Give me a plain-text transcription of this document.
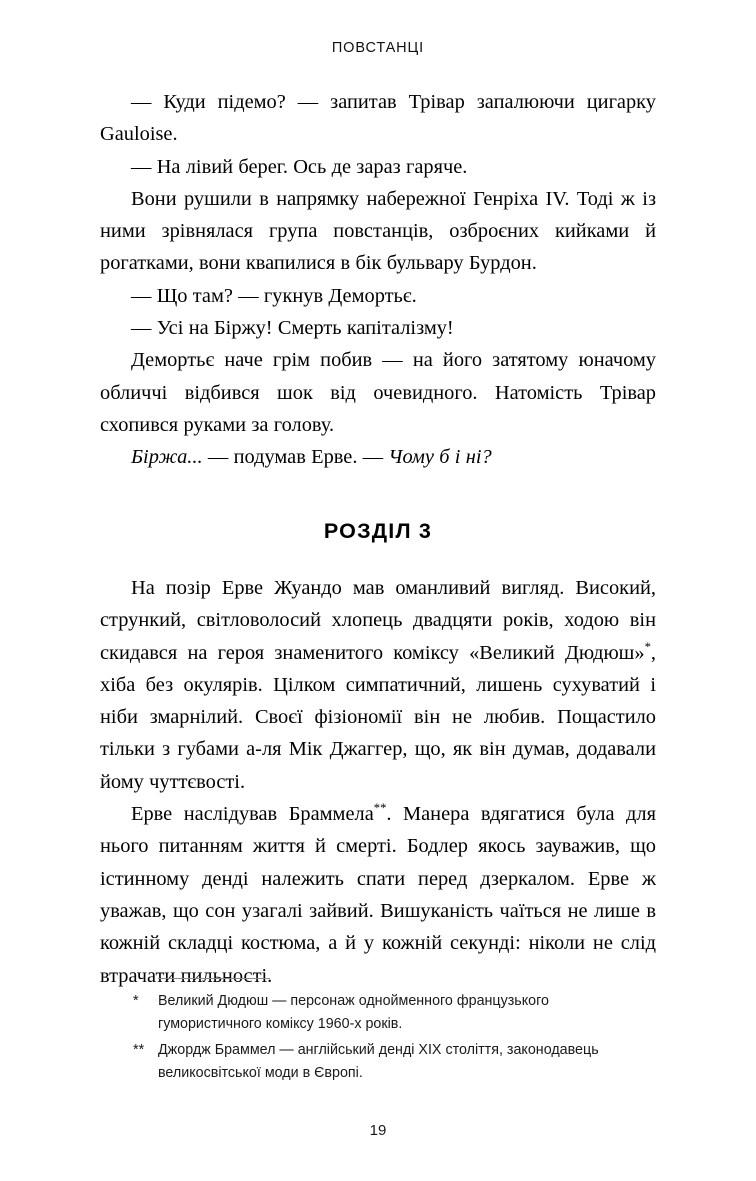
ПОВСТАНЦІ

— Куди підемо? — запитав Трівар запалюючи цигарку Gauloise.

— На лівий берег. Ось де зараз гаряче.

Вони рушили в напрямку набережної Генріха IV. Тоді ж із ними зрівнялася група повстанців, озброєних кийками й рогатками, вони квапилися в бік бульвару Бурдон.

— Що там? — гукнув Демортьє.

— Усі на Біржу! Смерть капіталізму!

Демортьє наче грім побив — на його затятому юначому обличчі відбився шок від очевидного. Натомість Трівар схопився руками за голову.

Біржа... — подумав Ерве. — Чому б і ні?

РОЗДІЛ 3

На позір Ерве Жуандо мав оманливий вигляд. Високий, стрункий, світловолосий хлопець двадцяти років, ходою він скидався на героя знаменитого коміксу «Великий Дюдюш»*, хіба без окулярів. Цілком симпатичний, лишень сухуватий і ніби змарнілий. Своєї фізіономії він не любив. Пощастило тільки з губами а-ля Мік Джаггер, що, як він думав, додавали йому чуттєвості.

Ерве наслідував Браммела**. Манера вдягатися була для нього питанням життя й смерті. Бодлер якось зауважив, що істинному денді належить спати перед дзеркалом. Ерве ж уважав, що сон узагалі зайвий. Вишуканість чаїться не лише в кожній складці костюма, а й у кожній секунді: ніколи не слід втрачати пильності.

*	Великий Дюдюш — персонаж однойменного французького гумористичного коміксу 1960-х років.
** Джордж Браммел — англійський денді XIX століття, законодавець великосвітської моди в Європі.
19
